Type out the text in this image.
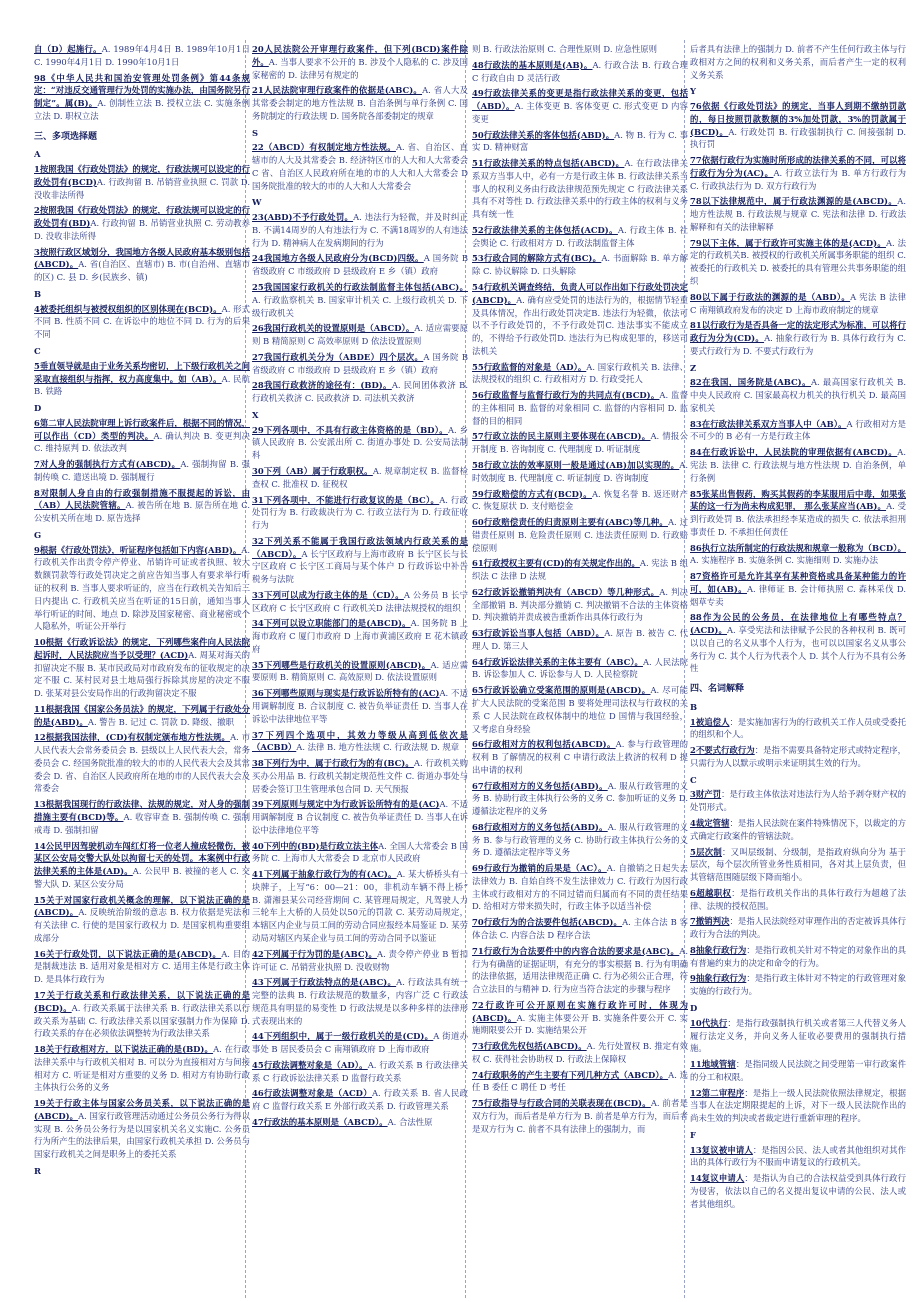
自（D）起施行。A. 1989年4月4日 B. 1989年10月1日 C. 1990年4月1日 D. 1990年10月1日

98《中华人民共和国治安管理处罚条例》第44条规定：“对违反交通管理行为处罚的实施办法，由国务院另行制定”。属(B)。A. 创制性立法 B. 授权立法 C. 实施条例立法 D. 职权立法

三、多项选择题
A

1按照我国《行政处罚法》的规定，行政法规可以设定的行政处罚有(BCD)A. 行政拘留 B. 吊销营业执照 C. 罚款 D. 没收非法所得

2按照我国《行政处罚法》的规定，行政法规可以设定的行政处罚有(BD)A. 行政拘留 B. 吊销营业执照 C. 劳动教养 D. 没收非法所得

3按照行政区域划分，我国地方各级人民政府基本级别包括(ABCD)。A. 省(自治区、直辖市) B. 市(自治州、直辖市的区) C. 县 D. 乡(民族乡、镇)

B

4被委托组织与被授权组织的区别体现在(BCD)。A. 形式不同 B. 性质不同 C. 在诉讼中的地位不同 D. 行为的后果不同

C

5垂直领导就是由于业务关系均密切，上下级行政机关之间采取直接组织与指挥，权力高度集中。如（AB）。A. 民航 B. 铁路

D

6第二审人民法院审理上诉行政案件后，根据不同的情况，可以作出（CD）类型的判决。A. 确认判决 B. 变更判决 C. 维持原判 D. 依法改判

7对人身的强制执行方式有(ABCD)。A. 强制拘留 B. 强制传唤 C. 遣送出境 D. 强制履行

8对限制人身自由的行政强制措施不服提起的诉讼，由（AB）人民法院管辖。A. 被告所在地 B. 原告所在地 C. 公安机关所在地 D. 原告选择

G

9根据《行政处罚法》，听证程序包括如下内容(ABD)。A. 行政机关作出责令停产停业、吊销许可证或者执照、较大数额罚款等行政处罚决定之前应告知当事人有要求举行听证的权利 B. 当事人要求听证的，应当在行政机关告知后三日内提出 C. 行政机关应当在听证的15日前，通知当事人举行听证的时间、地点 D. 除涉及国家秘密、商业秘密或个人隐私外，听证公开举行

10根据《行政诉讼法》的规定，下列哪些案件向人民法院起诉时，人民法院应当予以受理？(ACD)A. 周某对海关的扣留决定不服 B. 某市民政局对市政府发布的征收规定的决定不服 C. 某村民对县土地局强行拆除其房屋的决定不服 D. 张某对县公安局作出的行政拘留决定不服

11根据我国《国家公务员法》的规定，下列属于行政处分的是(ABD)。A. 警告 B. 记过 C. 罚款 D. 降级、撤职

12根据我国法律，(CD)有权制定颁布地方性法规。A. 市人民代表大会常务委员会 B. 县级以上人民代表大会，常务委员会 C. 经国务院批准的较大的市的人民代表大会及其常委会 D. 省、自治区人民政府所在地的市的人民代表大会及常委会

13根据我国现行的行政法律、法规的规定，对人身的强制措施主要有(BCD)等。A. 收容审查 B. 强制传唤 C. 强制戒毒 D. 强制扣留

14公民甲因驾驶机动车闯红灯将一位老人撞成轻微伤，被某区公安局交警大队处以拘留七天的处罚。本案例中行政法律关系的主体是(AD)。A. 公民甲 B. 被撞的老人 C. 交警大队 D. 某区公安分局

15关于对国家行政机关概念的理解，以下说法正确的是(ABCD)。A. 反映统治阶级的意志 B. 权力依据是宪法和有关法律 C. 行使的是国家行政权力 D. 是国家机构重要组成部分

16关于行政处罚，以下说法正确的是(ABCD)。A. 目的是制裁违法 B. 适用对象是相对方 C. 适用主体是行政主体 D. 是具体行政行为

17关于行政关系和行政法律关系，以下说法正确的是(BCD)。A. 行政关系属于法律关系 B. 行政法律关系以行政关系为基础 C. 行政法律关系以国家强制力作为保障 D. 行政关系的存在必须依法调整转为行政法律关系

18关于行政相对方，以下说法正确的是(BD)。A. 在行政法律关系中与行政机关相对 B. 可以分为直接相对方与间接相对方 C. 听证是相对方重要的义务 D. 相对方有协助行政主体执行公务的义务

19关于行政主体与国家公务员关系，以下说法正确的是(ABCD)。A. 国家行政管理活动通过公务员公务行为得以实现 B. 公务员公务行为是以国家机关名义实施C. 公务员行为所产生的法律后果，由国家行政机关承担 D. 公务员与国家行政机关之间是职务上的委托关系

R

20人民法院公开审理行政案件，但下列(BCD)案件除外。A. 当事人要求不公开的 B. 涉及个人隐私的 C. 涉及国家秘密的 D. 法律另有规定的

21人民法院审理行政案件的依据是(ABC)。A. 省人大及其常委会制定的地方性法规 B. 自治条例与单行条例 C. 国务院制定的行政法规 D. 国务院各部委制定的规章

S

22（ABCD）有权制定地方性法规。A. 省、自治区、直辖市的人大及其常委会 B. 经济特区市的人大和人大常委会 C 省、自治区人民政府所在地的市的人大和人大常委会 D 国务院批准的较大的市的人大和人大常委会

W

23(ABD)不予行政处罚。A. 违法行为轻微，并及时纠正 B. 不满14周岁的人有违法行为 C. 不满18周岁的人有违法行为 D. 精神病人在发病期间的行为

24我国地方各级人民政府分为(BCD)四级。A 国务院 B 省级政府 C 市级政府 D 县级政府 E 乡（镇）政府

25我国国家行政机关的行政法制监督主体包括(ABC)。A. 行政监察机关 B. 国家审计机关 C. 上级行政机关 D. 下级行政机关

26我国行政机关的设置原则是（ABCD）。A. 适应需要原则 B 精简原则 C 高效率原则 D 依法设置原则

27我国行政机关分为（ABDE）四个层次。A 国务院 B 省级政府 C 市级政府 D 县级政府 E 乡（镇）政府

28我国行政救济的途径有：(BD)。A. 民间团体救济 B. 行政机关救济 C. 民政救济 D. 司法机关救济

X

29下列各项中，不具有行政主体资格的是（BD）。A. 乡镇人民政府 B. 公安派出所 C. 街道办事处 D. 公安局法制科

30下列（AB）属于行政职权。A. 规章制定权 B. 监督检查权 C. 批准权 D. 征税权

31下列各项中，不能进行行政复议的是（BC）。A. 行政处罚行为 B. 行政裁决行为 C. 行政立法行为 D. 行政征收行为

32下列关系不能属于我国行政法领域内行政关系的是（ABCD）。A 长宁区政府与上海市政府 B 长宁区长与长宁区政府 C 长宁区工商局与某个体户 D 行政诉讼中补告税务与法院

33下列可以成为行政主体的是（CD）。A 公务员 B 长宁区政府 C 长宁区政府 C 行政机关D 法律法规授权的组织

34下列可以设立职能部门的是(ABCD)。A. 国务院 B 上海市政府 C 厦门市政府 D 上海市黄浦区政府 E 花木镇政府

35下列哪些是行政机关的设置原则(ABCD)。A. 适应需要原则 B. 精简原则 C. 高效原则 D. 依法设置原则

36下列哪些原则与现实是行政诉讼所特有的(AC)A. 不适用调解制度 B. 合议制度 C. 被告负举证责任 D. 当事人在诉讼中法律地位平等

37下列四个选项中，其效力等级从高到低依次是（ACBD）A. 法律 B. 地方性法规 C. 行政法规 D. 规章

38下列行为中，属于行政行为的有(BC)。A. 行政机关购买办公用品 B. 行政机关制定规范性文件 C. 街道办事处与居委会签订卫生管理承包合同 D. 天气预报

39下列原则与规定中为行政诉讼所特有的是(AC)A. 不适用调解制度 B 合议制度 C. 被告负举证责任 D. 当事人在诉讼中法律地位平等

40下列中的(BD)是行政立法主体A. 全国人大常委会 B 国务院 C. 上海市人大常委会 D 北京市人民政府

41下列属于抽象行政行为的有(AC)。A. 某大桥桥头有一块牌子，上写“6：00—21：00，非机动车辆不得上桥” B. 潇湘县某公司经营期间 C. 某管理局规定，凡驾驶人力三轮车上大桥的人员处以50元的罚款 C. 某劳动局规定，本辖区内企业与员工间的劳动合同应报经本局鉴证 D. 某劳动局对辖区内某企业与员工间的劳动合同予以鉴证

42下列属于行为罚的是(ABC)。A. 责令停产停业 B 暂扣许可证 C. 吊销营业执照 D. 没收财物

43下列属于行政法特点的是(ABC)。A. 行政法具有统一完整的法典 B. 行政法规范的数量多，内容广泛 C 行政法规范具有明显的易变性 D 行政法规是以多种多样的法律形式表现出来的

44下列组织中，属于一级行政机关的是(CD)。A 街道办事处 B 居民委员会 C 南翔镇政府 D 上海市政府

45行政法调整对象是（AD）。A. 行政关系 B 行政法律关系 C 行政诉讼法律关系 D 监督行政关系

46行政法调整对象是（ACD）A. 行政关系 B. 省人民政府 C 监督行政关系 E 外部行政关系 D. 行政管理关系

47行政法的基本原则是（ABCD）。A. 合法性原

则 B. 行政法治原则 C. 合理性原则 D. 应急性原则

48行政法的基本原则是(AB)。A. 行政合法 B. 行政合理 C 行政自由 D 灵活行政

49行政法律关系的变更是指行政法律关系的变更，包括（ABD）。A. 主体变更 B. 客体变更 C. 形式变更 D 内容变更

50行政法律关系的客体包括(ABD)。A. 物 B. 行为 C. 事实 D. 精神财富

51行政法律关系的特点包括(ABCD)。A. 在行政法律关系双方当事人中，必有一方是行政主体 B. 行政法律关系当事人的权利义务由行政法律规范预先规定 C 行政法律关系具有不对等性 D. 行政法律关系中的行政主体的权利与义务具有统一性

52行政法律关系的主体包括(ACD)。A. 行政主体 B. 社会舆论 C. 行政相对方 D. 行政法制监督主体

53行政合同的解除方式有(BC)。A. 书面解除 B. 单方解除 C. 协议解除 D. 口头解除

54行政机关调查终结，负责人可以作出如下行政处罚决定(ABCD)。A. 确有应受处罚的违法行为的，根据情节轻重及具体情况，作出行政处罚决定B. 违法行为轻微，依法可以不予行政处罚的，不予行政处罚C. 违法事实不能成立的，不得给予行政处罚D. 违法行为已构成犯罪的，移送司法机关

55行政监督的对象是（AD）。A. 国家行政机关 B. 法律、法规授权的组织 C. 行政相对方 D. 行政受托人

56行政监督与监督行政行为的共同点有(BCD)。A. 监督的主体相同 B. 监督的对象相同 C. 监督的内容相同 D. 监督的目的相同

57行政立法的民主原则主要体现在(ABCD)。A. 情报公开制度 B. 咨询制度 C. 代理制度 D. 听证制度

58行政立法的效率原则一般是通过(AB)加以实现的。A. 时效制度 B. 代理制度 C. 听证制度 D. 咨询制度

59行政赔偿的方式有(BCD)。A. 恢复名誉 B. 返还财产 C. 恢复原状 D. 支付赔偿金

60行政赔偿责任的归责原则主要有(ABC)等几种。A. 过错责任原则 B. 危险责任原则 C. 违法责任原则 D. 行政赔偿原则

61行政授权主要有(CD)的有关规定作出的。A. 宪法 B 组织法 C 法律 D 法规

62行政诉讼撤销判决有（ABCD）等几种形式。A. 判决全部撤销 B. 判决部分撤销 C. 判决撤销不合法的主体资格 D. 判决撤销并责成被告重新作出具体行政行为

63行政诉讼当事人包括（ABD）。A. 原告 B. 被告 C. 代理人 D. 第三人

64行政诉讼法律关系的主体主要有（ABC）。A. 人民法院 B. 诉讼参加人 C. 诉讼参与人 D. 人民检察院

65行政诉讼确立受案范围的原则是(ABCD)。A. 尽可能扩大人民法院的受案范围 B 要将处理司法权与行政权的关系 C 人民法院在政权体制中的地位 D 国情与我国经验，又考虑自身经验

66行政相对方的权利包括(ABCD)。A. 参与行政管理的权利 B 了解情况的权利 C 申请行政法上救济的权利 D 提出申请的权利

67行政相对方的义务包括(ABD)。A. 服从行政管理的义务 B. 协助行政主体执行公务的义务 C. 参加听证的义务 D. 遵循法定程序的义务

68行政相对方的义务包括(ABD)。A. 服从行政管理的义务 B. 参与行政管理的义务 C. 协助行政主体执行公务的义务 D. 遵循法定程序等义务

69行政行为撤销的后果是（AC）。A. 自撤销之日起失去法律效力 B. 自始自终不发生法律效力 C. 行政行为因行政主体或行政相对方的不同过错而归属而有不同的责任结果 D. 给相对方带来损失时，行政主体予以适当补偿

70行政行为的合法要件包括(ABCD)。A. 主体合法 B 客体合法 C. 内容合法 D 程序合法

71行政行为合法要件中的内容合法的要求是(ABC)。A. 行为有确凿的证据证明，有充分的事实根据 B. 行为有明确的法律依据，适用法律规范正确 C. 行为必须公正合理，符合立法目的与精神 D. 行为应当符合法定的步骤与程序

72行政许可公开原则在实施行政许可时，体现为(ABCD)。A. 实施主体要公开 B. 实施条件要公开 C. 实施期限要公开 D. 实施结果公开

73行政优先权包括(ABCD)。A. 先行处置权 B. 推定有效权 C. 获得社会协助权 D. 行政法上保障权

74行政职务的产生主要有下列几种方式（ABCD）。A. 选任 B 委任 C 聘任 D 考任

75行政指导与行政合同的关联表现在(BCD)。A. 前者是双方行为，而后者是单方行为 B. 前者是单方行为，而后者是双方行为 C. 前者不具有法律上的强制力，而

后者具有法律上的强制力 D. 前者不产生任何行政主体与行政相对方之间的权利和义务关系，而后者产生一定的权利义务关系

Y

76依据《行政处罚法》的规定，当事人到期不缴纳罚款的，每日按照罚款数额的3%加处罚款，3%的罚款属于(BCD)。A. 行政处罚 B. 行政强制执行 C. 间接强制 D. 执行罚

77依据行政行为实施时所形成的法律关系的不同，可以将行政行为分为(AC)。A. 行政立法行为 B. 单方行政行为 C. 行政执法行为 D. 双方行政行为

78以下法律规范中，属于行政法渊源的是(ABCD)。A. 地方性法规 B. 行政法规与规章 C. 宪法和法律 D. 行政法解释和有关的法律解释

79以下主体，属于行政许可实施主体的是(ACD)。A. 法定的行政机关B. 被授权的行政机关所属事务职能的组织 C. 被委托的行政机关 D. 被委托的具有管理公共事务职能的组织

80以下属于行政法的渊源的是（ABD）。A 宪法 B 法律 C 南翔镇政府发布的决定 D 上海市政府制定的规章

81以行政行为是否具备一定的法定形式为标准，可以将行政行为分为(CD)。A. 抽象行政行为 B. 具体行政行为 C. 要式行政行为 D. 不要式行政行为

Z

82在我国，国务院是(ABC)。A. 最高国家行政机关 B. 中央人民政府 C. 国家最高权力机关的执行机关 D. 最高国家机关

83在行政法律关系双方当事人中（AB）。A 行政相对方是不可少的 B 必有一方是行政主体

84在行政诉讼中，人民法院的审理依据有(ABCD)。A. 宪法 B. 法律 C. 行政法规与地方性法规 D. 自治条例，单行条例

85张某出售假药，购买其假药的李某服用后中毒，如果张某的这一行为尚未构成犯罪， 那么张某应当(AB)。A. 受到行政处罚 B. 依法承担经李某造成的损失 C. 依法承担刑事责任 D. 不承担任何责任

86执行立法所制定的行政法规和规章一般称为（BCD）。A. 实施程序 B. 实施条例 C. 实施细则 D. 实施办法

87资格许可是允许其享有某种资格或具备某种能力的许可，如(AB)。A. 律师证 B. 会计师执照 C. 森林采伐 D. 烟草专卖

88作为公民的公务员，在法律地位上有哪些特点？(ACD)。A. 享受宪法和法律赋予公民的各种权利 B. 既可以以自己的名义从事个人行为，也可以以国家名义从事公务行为 C. 其个人行为代表个人 D. 其个人行为不具有公务性

四、名词解释
B

1被追偿人：是实施加害行为的行政机关工作人员或受委托的组织和个人。

2不要式行政行为：是指不需要具备特定形式或特定程序，只需行为人以默示或明示来证明其生效的行为。

C

3财产罚：是行政主体依法对违法行为人给予剥夺财产权的处罚形式。

4裁定管辖：是指人民法院在案件特殊情况下，以裁定的方式确定行政案件的管辖法院。

5层次制：又叫层级制、分级制，是指政府纵向分为 基于层次，每个层次所管业务性质相同，各对其上层负责，但其管辖范围随层级下降而缩小。

6超越职权：是指行政机关作出的具体行政行为超越了法律、法规的授权范围。

7撤销判决：是指人民法院经对审理作出的否定被诉具体行政行为合法的判决。

8抽象行政行为：是指行政机关针对不特定的对象作出的具有普遍约束力的决定和命令的行为。

9抽象行政行为：是指行政主体针对不特定的行政管理对象实施的行政行为。

D

10代执行：是指行政强制执行机关或者第三人代替义务人履行法定义务，并向义务人征收必要费用的强制执行措施。

11地域管辖：是指同级人民法院之间受理第一审行政案件的分工和权限。

12第二审程序：是指上一级人民法院依照法律规定，根据当事人在法定期限提起的上诉，对下一级人民法院作出的尚未生效的判决或者裁定进行重新审理的程序。

F

13复议被申请人：是指因公民、法人或者其他组织对其作出的具体行政行为不服而申请复议的行政机关。

14复议申请人：是指认为自己的合法权益受到具体行政行为侵害，依法以自己的名义提出复议申请的公民、法人或者其他组织。
